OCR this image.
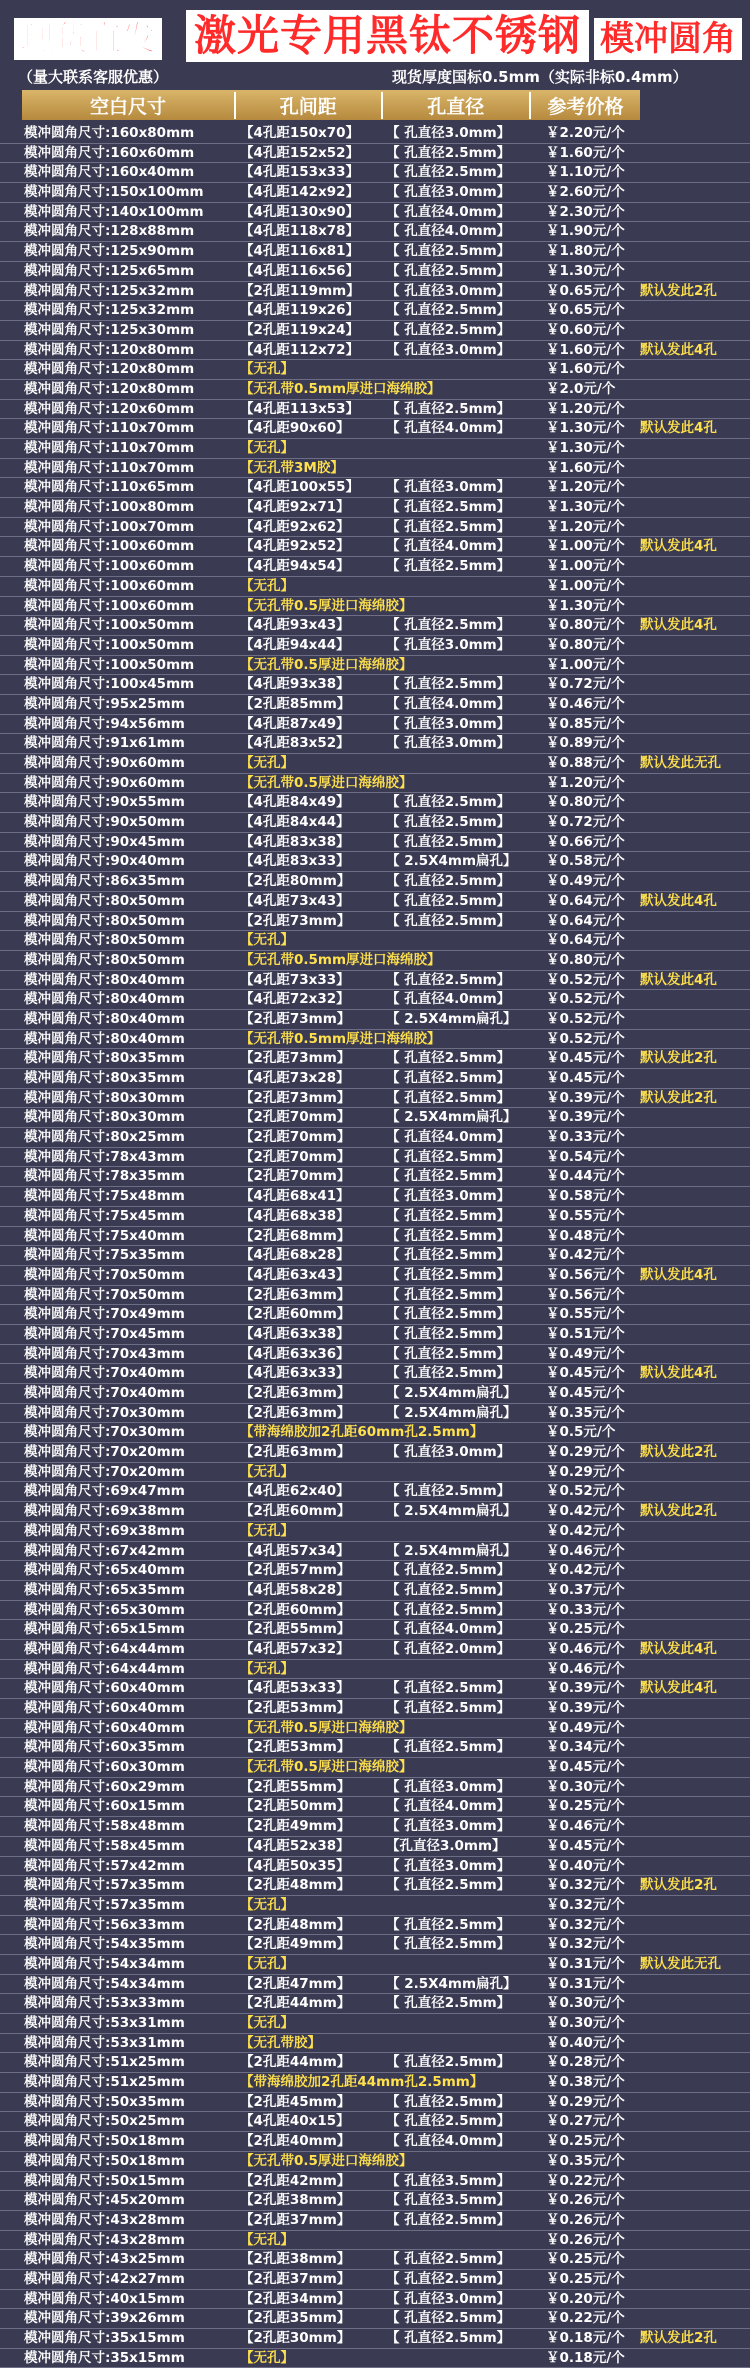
现货直发 激光专用黑钛不锈钢 模冲圆角
（量大联系客服优惠）	现货厚度国标0.5mm（实际非标0.4mm）
空白尺寸	孔间距	孔直径	参考价格
模冲圆角尺寸:160x80mm	【4孔距150x70】 【 孔直径3.0mm】	￥2.20元/个
模冲圆角尺寸:160x60mm	【4孔距152x52】 【 孔直径2.5mm】	￥1.60元/个
模冲圆角尺寸:160x40mm	【4孔距153x33】 【 孔直径2.5mm】	￥1.10元/个
模冲圆角尺寸:150x100mm	【4孔距142x92】 【 孔直径3.0mm】	￥2.60元/个
模冲圆角尺寸:140x100mm	【4孔距130x90】 【 孔直径4.0mm】	￥2.30元/个
模冲圆角尺寸:128x88mm	【4孔距118x78】 【 孔直径4.0mm】	￥1.90元/个
模冲圆角尺寸:125x90mm	【4孔距116x81】 【 孔直径2.5mm】	￥1.80元/个
模冲圆角尺寸:125x65mm	【4孔距116x56】 【 孔直径2.5mm】	￥1.30元/个
模冲圆角尺寸:125x32mm	【2孔距119mm】 【 孔直径3.0mm】	￥0.65元/个 默认发此2孔
模冲圆角尺寸:125x32mm	【4孔距119x26】 【 孔直径2.5mm】	￥0.65元/个
模冲圆角尺寸:125x30mm	【2孔距119x24】 【 孔直径2.5mm】	￥0.60元/个
模冲圆角尺寸:120x80mm	【4孔距112x72】 【 孔直径3.0mm】	￥1.60元/个 默认发此4孔
模冲圆角尺寸:120x80mm	【无孔】	￥1.60元/个
模冲圆角尺寸:120x80mm	【无孔带0.5mm厚进口海绵胶】	￥2.0元/个
模冲圆角尺寸:120x60mm	【4孔距113x53】 【 孔直径2.5mm】	￥1.20元/个
模冲圆角尺寸:110x70mm	【4孔距90x60】	【 孔直径4.0mm】	￥1.30元/个 默认发此4孔
模冲圆角尺寸:110x70mm	【无孔】	￥1.30元/个
模冲圆角尺寸:110x70mm	【无孔带3M胶】	￥1.60元/个
模冲圆角尺寸:110x65mm	【4孔距100x55】 【 孔直径3.0mm】	￥1.20元/个
模冲圆角尺寸:100x80mm	【4孔距92x71】	【 孔直径2.5mm】	￥1.30元/个
模冲圆角尺寸:100x70mm	【4孔距92x62】	【 孔直径2.5mm】	￥1.20元/个
模冲圆角尺寸:100x60mm	【4孔距92x52】	【 孔直径4.0mm】	￥1.00元/个 默认发此4孔
模冲圆角尺寸:100x60mm	【4孔距94x54】	【 孔直径2.5mm】	￥1.00元/个
模冲圆角尺寸:100x60mm	【无孔】	￥1.00元/个
模冲圆角尺寸:100x60mm	【无孔带0.5厚进口海绵胶】	￥1.30元/个
模冲圆角尺寸:100x50mm	【4孔距93x43】	【 孔直径2.5mm】	￥0.80元/个 默认发此4孔
模冲圆角尺寸:100x50mm	【4孔距94x44】	【 孔直径3.0mm】	￥0.80元/个
模冲圆角尺寸:100x50mm	【无孔带0.5厚进口海绵胶】	￥1.00元/个
模冲圆角尺寸:100x45mm	【4孔距93x38】	【 孔直径2.5mm】	￥0.72元/个
模冲圆角尺寸:95x25mm	【2孔距85mm】	【 孔直径4.0mm】	￥0.46元/个
模冲圆角尺寸:94x56mm	【4孔距87x49】	【 孔直径3.0mm】	￥0.85元/个
模冲圆角尺寸:91x61mm	【4孔距83x52】	【 孔直径3.0mm】	￥0.89元/个
模冲圆角尺寸:90x60mm	【无孔】	￥0.88元/个 默认发此无孔
模冲圆角尺寸:90x60mm	【无孔带0.5厚进口海绵胶】	￥1.20元/个
模冲圆角尺寸:90x55mm	【4孔距84x49】	【 孔直径2.5mm】	￥0.80元/个
模冲圆角尺寸:90x50mm	【4孔距84x44】	【 孔直径2.5mm】	￥0.72元/个
模冲圆角尺寸:90x45mm	【4孔距83x38】	【 孔直径2.5mm】	￥0.66元/个
模冲圆角尺寸:90x40mm	【4孔距83x33】	【 2.5X4mm扁孔】 ￥0.58元/个
模冲圆角尺寸:86x35mm	【2孔距80mm】	【 孔直径2.5mm】	￥0.49元/个
模冲圆角尺寸:80x50mm	【4孔距73x43】	【 孔直径2.5mm】	￥0.64元/个 默认发此4孔
模冲圆角尺寸:80x50mm	【2孔距73mm】	【 孔直径2.5mm】	￥0.64元/个
模冲圆角尺寸:80x50mm	【无孔】	￥0.64元/个
模冲圆角尺寸:80x50mm	【无孔带0.5mm厚进口海绵胶】	￥0.80元/个
模冲圆角尺寸:80x40mm	【4孔距73x33】	【 孔直径2.5mm】	￥0.52元/个 默认发此4孔
模冲圆角尺寸:80x40mm	【4孔距72x32】	【 孔直径4.0mm】	￥0.52元/个
模冲圆角尺寸:80x40mm	【2孔距73mm】	【 2.5X4mm扁孔】 ￥0.52元/个
模冲圆角尺寸:80x40mm	【无孔带0.5mm厚进口海绵胶】	￥0.52元/个
模冲圆角尺寸:80x35mm	【2孔距73mm】	【 孔直径2.5mm】	￥0.45元/个 默认发此2孔
模冲圆角尺寸:80x35mm	【4孔距73x28】	【 孔直径2.5mm】	￥0.45元/个
模冲圆角尺寸:80x30mm	【2孔距73mm】	【 孔直径2.5mm】	￥0.39元/个 默认发此2孔
模冲圆角尺寸:80x30mm	【2孔距70mm】	【 2.5X4mm扁孔】 ￥0.39元/个
模冲圆角尺寸:80x25mm	【2孔距70mm】	【 孔直径4.0mm】	￥0.33元/个
模冲圆角尺寸:78x43mm	【2孔距70mm】	【 孔直径2.5mm】	￥0.54元/个
模冲圆角尺寸:78x35mm	【2孔距70mm】	【 孔直径2.5mm】	￥0.44元/个
模冲圆角尺寸:75x48mm	【4孔距68x41】	【 孔直径3.0mm】	￥0.58元/个
模冲圆角尺寸:75x45mm	【4孔距68x38】	【 孔直径2.5mm】	￥0.55元/个
模冲圆角尺寸:75x40mm	【2孔距68mm】	【 孔直径2.5mm】	￥0.48元/个
模冲圆角尺寸:75x35mm	【4孔距68x28】	【 孔直径2.5mm】	￥0.42元/个
模冲圆角尺寸:70x50mm	【4孔距63x43】	【 孔直径2.5mm】	￥0.56元/个 默认发此4孔
模冲圆角尺寸:70x50mm	【2孔距63mm】	【 孔直径2.5mm】	￥0.56元/个
模冲圆角尺寸:70x49mm	【2孔距60mm】	【 孔直径2.5mm】	￥0.55元/个
模冲圆角尺寸:70x45mm	【4孔距63x38】	【 孔直径2.5mm】	￥0.51元/个
模冲圆角尺寸:70x43mm	【4孔距63x36】	【 孔直径2.5mm】	￥0.49元/个
模冲圆角尺寸:70x40mm	【4孔距63x33】	【 孔直径2.5mm】	￥0.45元/个 默认发此4孔
模冲圆角尺寸:70x40mm	【2孔距63mm】	【 2.5X4mm扁孔】 ￥0.45元/个
模冲圆角尺寸:70x30mm	【2孔距63mm】	【 2.5X4mm扁孔】 ￥0.35元/个
模冲圆角尺寸:70x30mm	【带海绵胶加2孔距60mm孔2.5mm】	￥0.5元/个
模冲圆角尺寸:70x20mm	【2孔距63mm】	【 孔直径3.0mm】	￥0.29元/个 默认发此2孔
模冲圆角尺寸:70x20mm	【无孔】	￥0.29元/个
模冲圆角尺寸:69x47mm	【4孔距62x40】	【 孔直径2.5mm】	￥0.52元/个
模冲圆角尺寸:69x38mm	【2孔距60mm】	【 2.5X4mm扁孔】 ￥0.42元/个 默认发此2孔
模冲圆角尺寸:69x38mm	【无孔】	￥0.42元/个
模冲圆角尺寸:67x42mm	【4孔距57x34】	【 2.5X4mm扁孔】 ￥0.46元/个
模冲圆角尺寸:65x40mm	【2孔距57mm】	【 孔直径2.5mm】	￥0.42元/个
模冲圆角尺寸:65x35mm	【4孔距58x28】	【 孔直径2.5mm】	￥0.37元/个
模冲圆角尺寸:65x30mm	【2孔距60mm】	【 孔直径2.5mm】	￥0.33元/个
模冲圆角尺寸:65x15mm	【2孔距55mm】	【 孔直径4.0mm】	￥0.25元/个
模冲圆角尺寸:64x44mm	【4孔距57x32】	【 孔直径2.0mm】	￥0.46元/个 默认发此4孔
模冲圆角尺寸:64x44mm	【无孔】	￥0.46元/个
模冲圆角尺寸:60x40mm	【4孔距53x33】	【 孔直径2.5mm】	￥0.39元/个 默认发此4孔
模冲圆角尺寸:60x40mm	【2孔距53mm】	【 孔直径2.5mm】	￥0.39元/个
模冲圆角尺寸:60x40mm	【无孔带0.5厚进口海绵胶】	￥0.49元/个
模冲圆角尺寸:60x35mm	【2孔距53mm】	【 孔直径2.5mm】	￥0.34元/个
模冲圆角尺寸:60x30mm	【无孔带0.5厚进口海绵胶】	￥0.45元/个
模冲圆角尺寸:60x29mm	【2孔距55mm】	【 孔直径3.0mm】	￥0.30元/个
模冲圆角尺寸:60x15mm	【2孔距50mm】	【 孔直径4.0mm】	￥0.25元/个
模冲圆角尺寸:58x48mm	【2孔距49mm】	【 孔直径3.0mm】	￥0.46元/个
模冲圆角尺寸:58x45mm	【4孔距52x38】	【孔直径3.0mm】	￥0.45元/个
模冲圆角尺寸:57x42mm	【4孔距50x35】	【 孔直径3.0mm】	￥0.40元/个
模冲圆角尺寸:57x35mm	【2孔距48mm】	【 孔直径2.5mm】	￥0.32元/个 默认发此2孔
模冲圆角尺寸:57x35mm	【无孔】	￥0.32元/个
模冲圆角尺寸:56x33mm	【2孔距48mm】	【 孔直径2.5mm】	￥0.32元/个
模冲圆角尺寸:54x35mm	【2孔距49mm】	【 孔直径2.5mm】	￥0.32元/个
模冲圆角尺寸:54x34mm	【无孔】	￥0.31元/个 默认发此无孔
模冲圆角尺寸:54x34mm	【2孔距47mm】	【 2.5X4mm扁孔】 ￥0.31元/个
模冲圆角尺寸:53x33mm	【2孔距44mm】	【 孔直径2.5mm】	￥0.30元/个
模冲圆角尺寸:53x31mm	【无孔】	￥0.30元/个
模冲圆角尺寸:53x31mm	【无孔带胶】	￥0.40元/个
模冲圆角尺寸:51x25mm	【2孔距44mm】	【 孔直径2.5mm】	￥0.28元/个
模冲圆角尺寸:51x25mm	【带海绵胶加2孔距44mm孔2.5mm】	￥0.38元/个
模冲圆角尺寸:50x35mm	【2孔距45mm】	【 孔直径2.5mm】	￥0.29元/个
模冲圆角尺寸:50x25mm	【4孔距40x15】	【 孔直径2.5mm】	￥0.27元/个
模冲圆角尺寸:50x18mm	【2孔距40mm】	【 孔直径4.0mm】	￥0.25元/个
模冲圆角尺寸:50x18mm	【无孔带0.5厚进口海绵胶】	￥0.35元/个
模冲圆角尺寸:50x15mm	【2孔距42mm】	【 孔直径3.5mm】	￥0.22元/个
模冲圆角尺寸:45x20mm	【2孔距38mm】	【 孔直径3.5mm】	￥0.26元/个
模冲圆角尺寸:43x28mm	【2孔距37mm】	【 孔直径2.5mm】	￥0.26元/个
模冲圆角尺寸:43x28mm	【无孔】	￥0.26元/个
模冲圆角尺寸:43x25mm	【2孔距38mm】	【 孔直径2.5mm】	￥0.25元/个
模冲圆角尺寸:42x27mm	【2孔距37mm】	【 孔直径2.5mm】	￥0.25元/个
模冲圆角尺寸:40x15mm	【2孔距34mm】	【 孔直径3.0mm】	￥0.20元/个
模冲圆角尺寸:39x26mm	【2孔距35mm】	【 孔直径2.5mm】	￥0.22元/个
模冲圆角尺寸:35x15mm	【2孔距30mm】	【 孔直径2.5mm】	￥0.18元/个 默认发此2孔
模冲圆角尺寸:35x15mm	【无孔】	￥0.18元/个
